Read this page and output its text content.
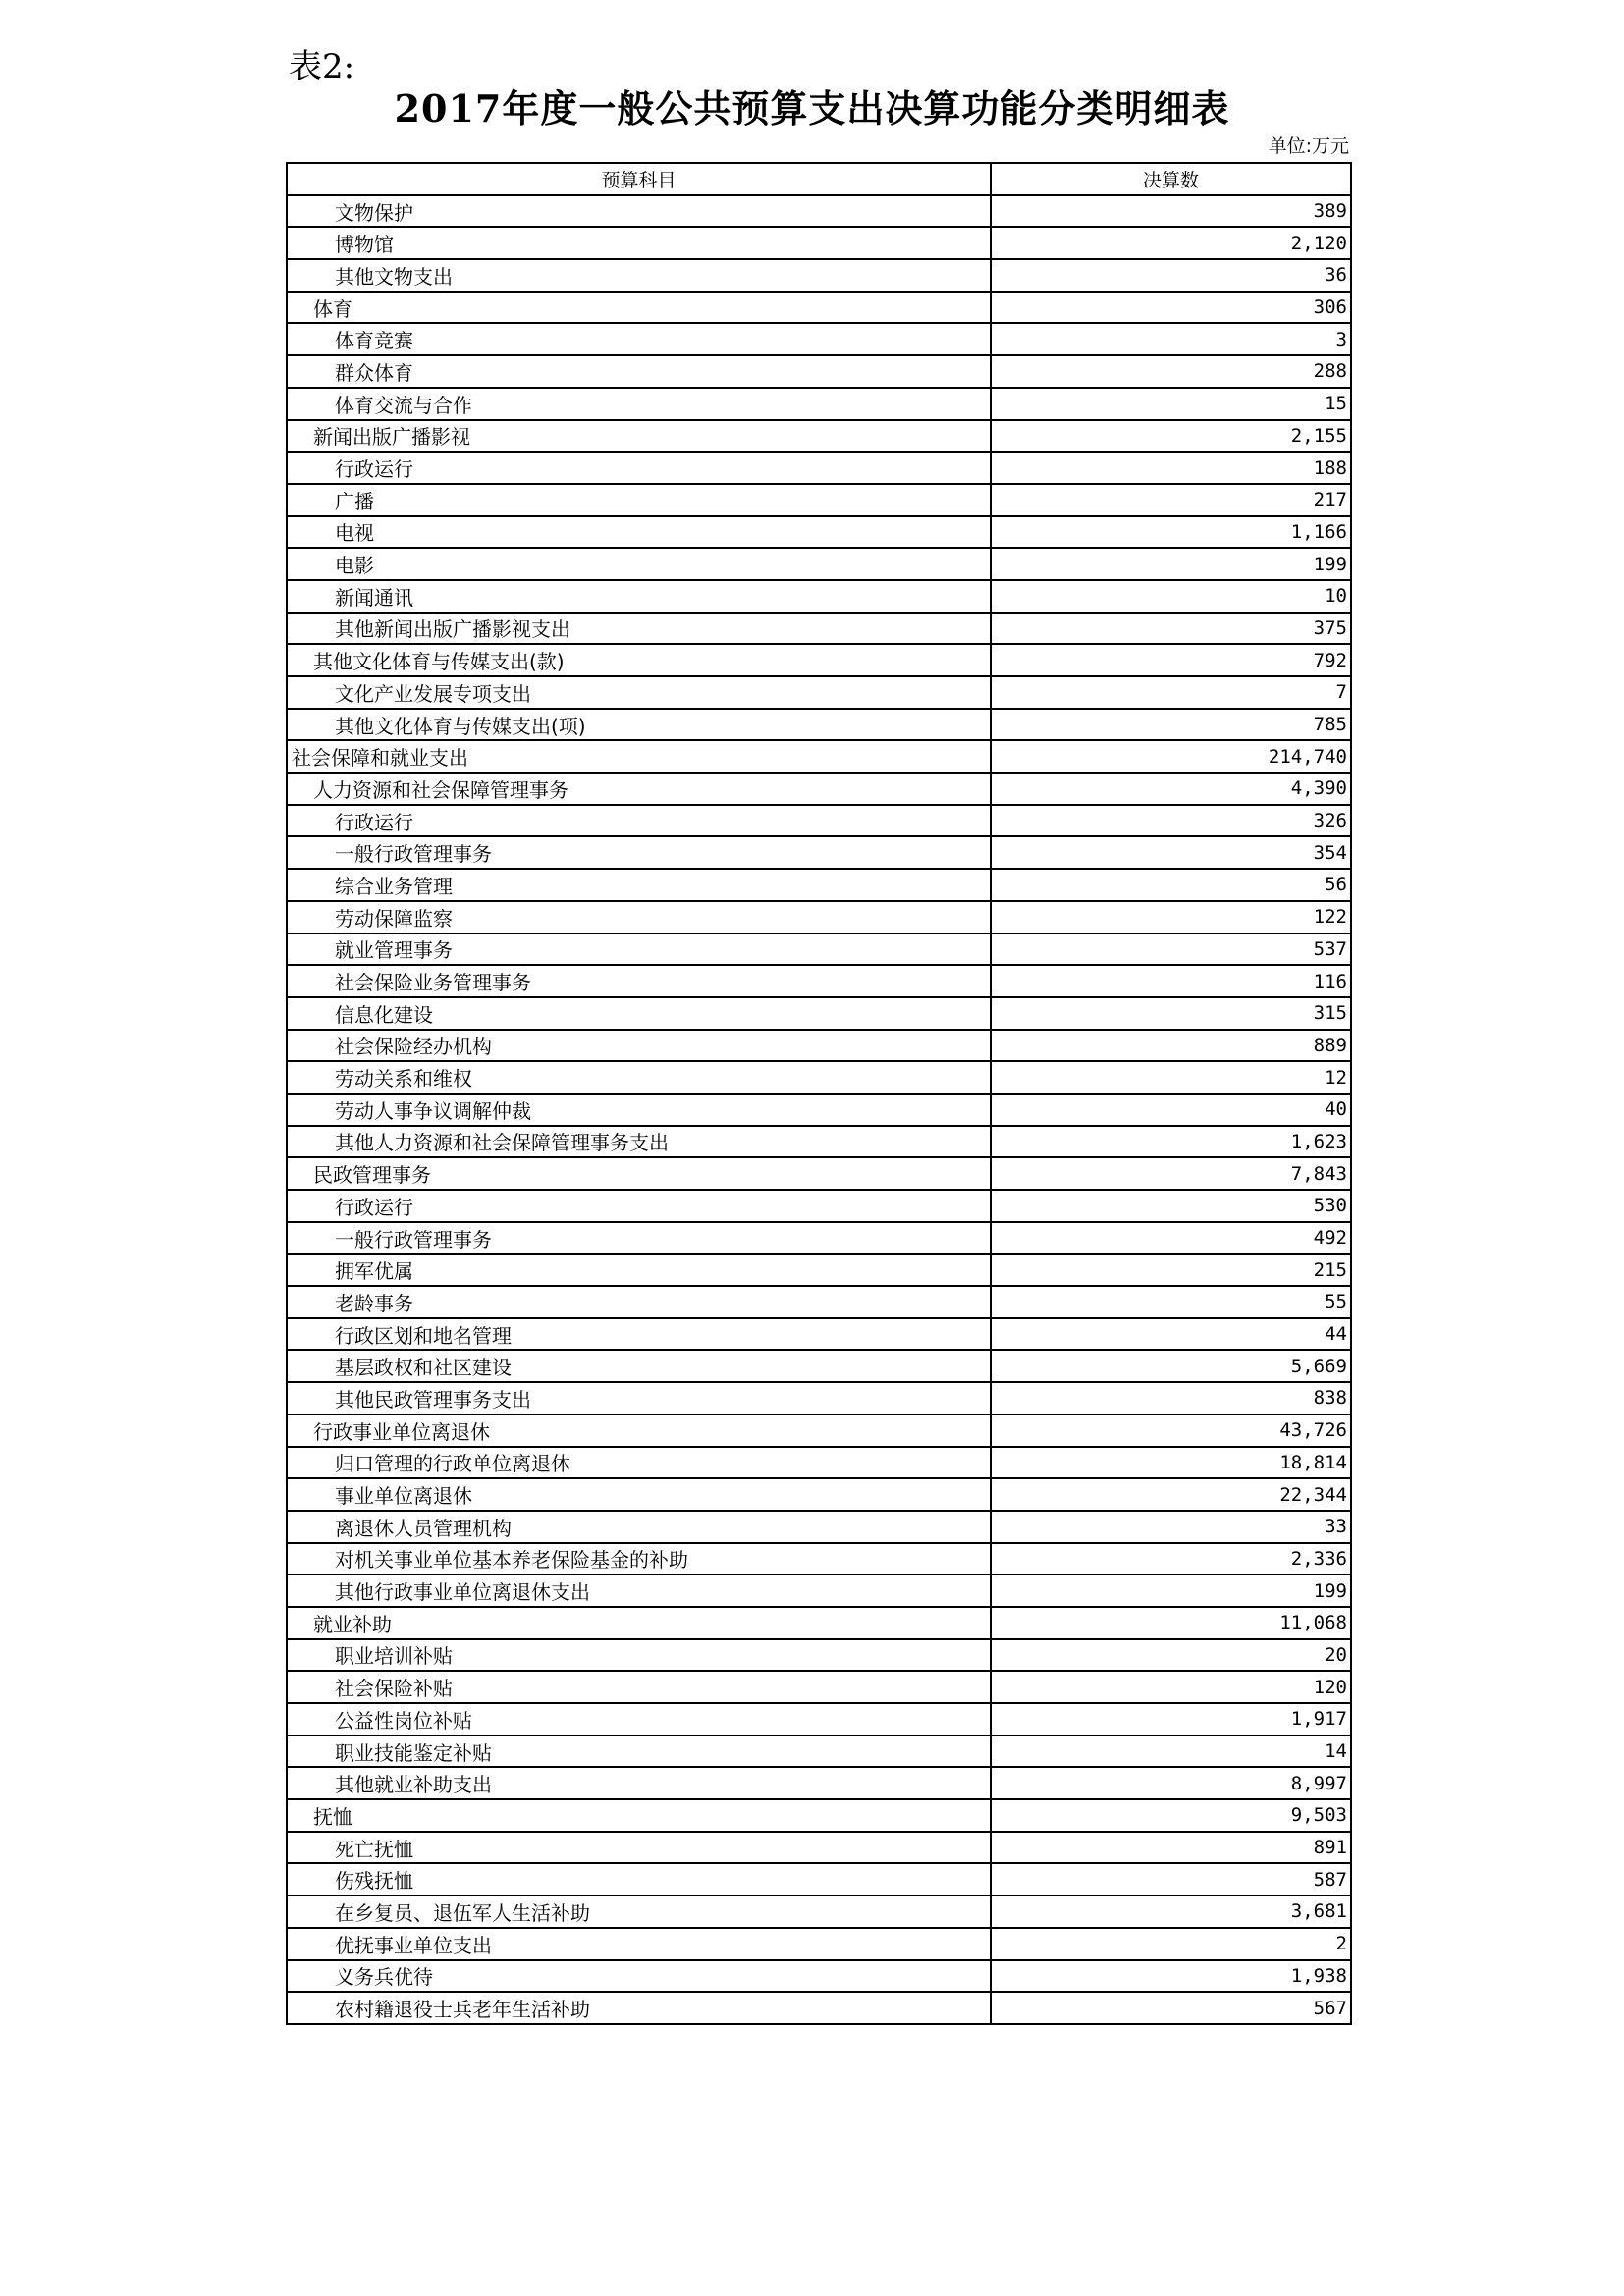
表2:
2017年度一般公共预算支出决算功能分类明细表
单位:万元
预算科目	决算数
文物保护	389
博物馆	2,120
其他文物支出	36
体育	306
体育竞赛	3
群众体育	288
体育交流与合作	15
新闻出版广播影视	2,155
行政运行	188
广播	217
电视	1,166
电影	199
新闻通讯	10
其他新闻出版广播影视支出	375
其他文化体育与传媒支出(款)	792
文化产业发展专项支出	7
其他文化体育与传媒支出(项)	785
社会保障和就业支出	214,740
人力资源和社会保障管理事务	4,390
行政运行	326
一般行政管理事务	354
综合业务管理	56
劳动保障监察	122
就业管理事务	537
社会保险业务管理事务	116
信息化建设	315
社会保险经办机构	889
劳动关系和维权	12
劳动人事争议调解仲裁	40
其他人力资源和社会保障管理事务支出	1,623
民政管理事务	7,843
行政运行	530
一般行政管理事务	492
拥军优属	215
老龄事务	55
行政区划和地名管理	44
基层政权和社区建设	5,669
其他民政管理事务支出	838
行政事业单位离退休	43,726
归口管理的行政单位离退休	18,814
事业单位离退休	22,344
离退休人员管理机构	33
对机关事业单位基本养老保险基金的补助	2,336
其他行政事业单位离退休支出	199
就业补助	11,068
职业培训补贴	20
社会保险补贴	120
公益性岗位补贴	1,917
职业技能鉴定补贴	14
其他就业补助支出	8,997
抚恤	9,503
死亡抚恤	891
伤残抚恤	587
在乡复员、退伍军人生活补助	3,681
优抚事业单位支出	2
义务兵优待	1,938
农村籍退役士兵老年生活补助	567
